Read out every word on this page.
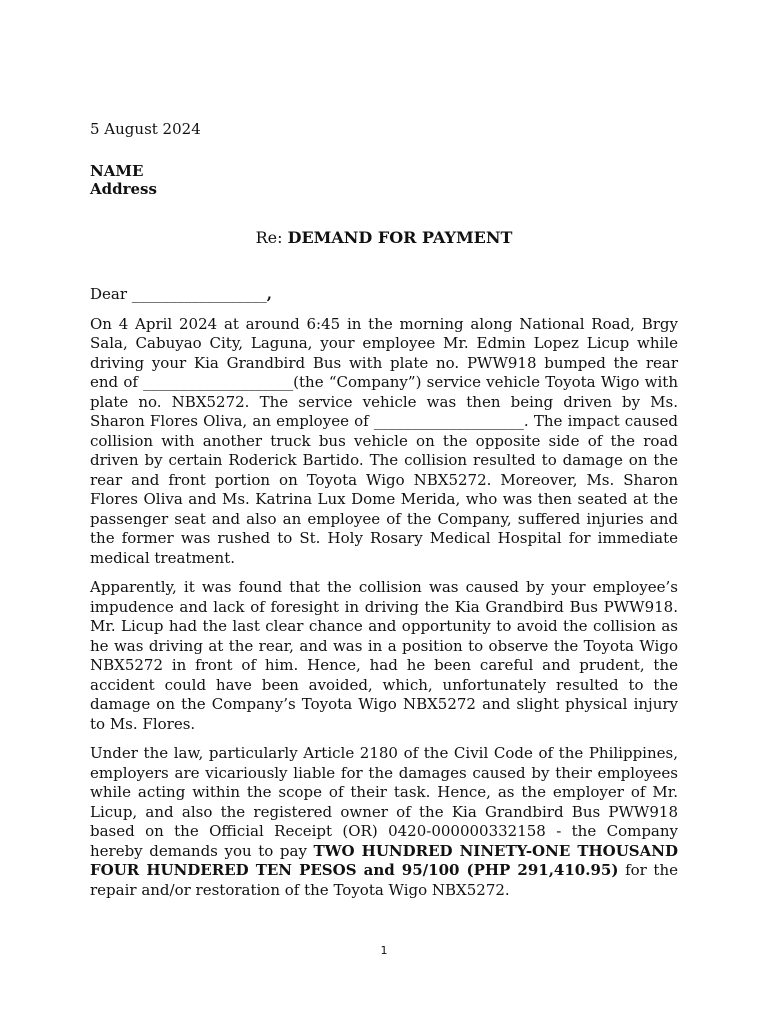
5 August 2024
NAME
Address
Re: DEMAND FOR PAYMENT
Dear __________________,

On 4 April 2024 at around 6:45 in the morning along National Road, Brgy Sala, Cabuyao City, Laguna, your employee Mr. Edmin Lopez Licup while driving your Kia Grandbird Bus with plate no. PWW918 bumped the rear end of ____________________(the “Company”) service vehicle Toyota Wigo with plate no. NBX5272. The service vehicle was then being driven by Ms. Sharon Flores Oliva, an employee of ____________________. The impact caused collision with another truck bus vehicle on the opposite side of the road driven by certain Roderick Bartido. The collision resulted to damage on the rear and front portion on Toyota Wigo NBX5272. Moreover, Ms. Sharon Flores Oliva and Ms. Katrina Lux Dome Merida, who was then seated at the passenger seat and also an employee of the Company, suffered injuries and the former was rushed to St. Holy Rosary Medical Hospital for immediate medical treatment.

Apparently, it was found that the collision was caused by your employee’s impudence and lack of foresight in driving the Kia Grandbird Bus PWW918. Mr. Licup had the last clear chance and opportunity to avoid the collision as he was driving at the rear, and was in a position to observe the Toyota Wigo NBX5272 in front of him. Hence, had he been careful and prudent, the accident could have been avoided, which, unfortunately resulted to the damage on the Company’s Toyota Wigo NBX5272 and slight physical injury to Ms. Flores.

Under the law, particularly Article 2180 of the Civil Code of the Philippines, employers are vicariously liable for the damages caused by their employees while acting within the scope of their task. Hence, as the employer of Mr. Licup, and also the registered owner of the Kia Grandbird Bus PWW918 based on the Official Receipt (OR) 0420-000000332158 - the Company hereby demands you to pay TWO HUNDRED NINETY-ONE THOUSAND FOUR HUNDERED TEN PESOS and 95/100 (PHP 291,410.95) for the repair and/or restoration of the Toyota Wigo NBX5272.

1
